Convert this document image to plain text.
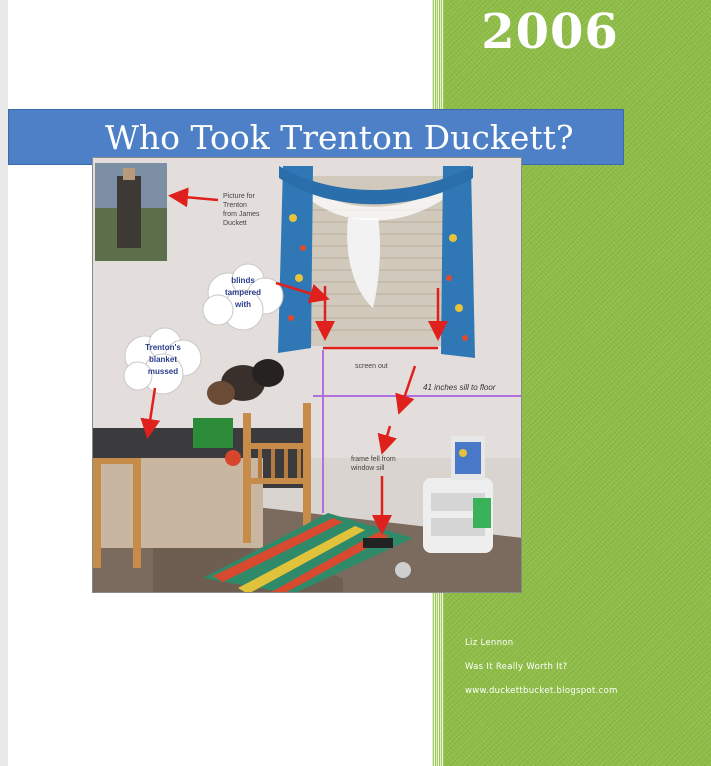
2006
Who Took Trenton Duckett?
blinds
tampered
with
Trenton's
blanket
mussed
Picture for
Trenton
from James
Duckett
screen out
41 inches sill to floor
frame fell from
window sill
Liz Lennon
Was It Really Worth It?
www.duckettbucket.blogspot.com
